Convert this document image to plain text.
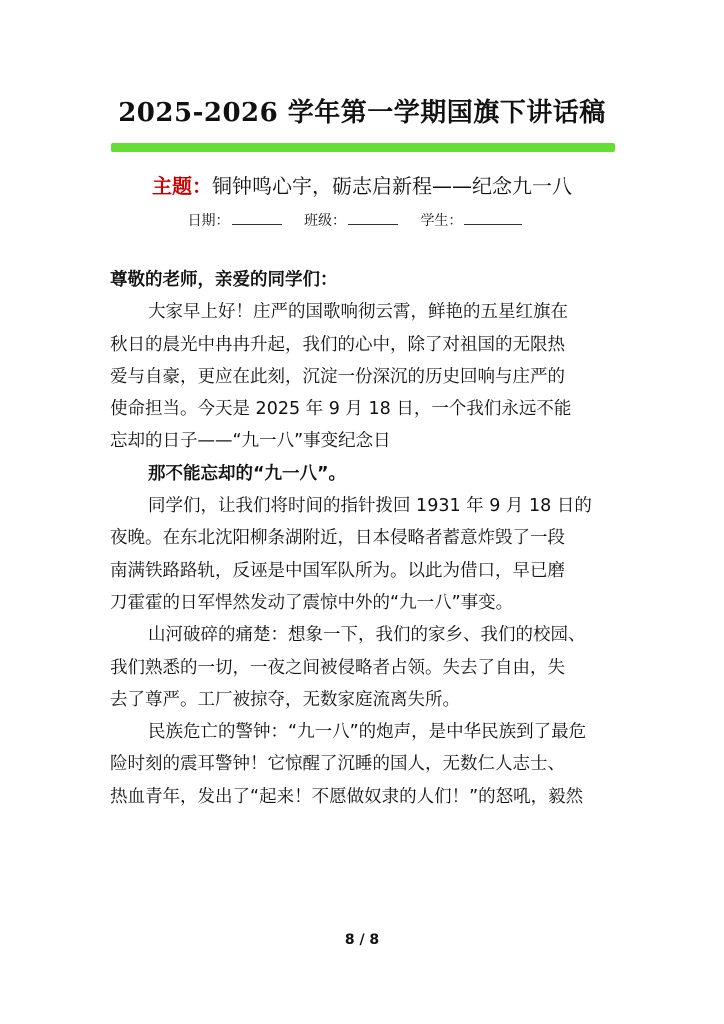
2025-2026 学年第一学期国旗下讲话稿
主题：铜钟鸣心宇，砺志启新程——纪念九一八
日期：	班级：	学生：

尊敬的老师，亲爱的同学们：

大家早上好！庄严的国歌响彻云霄，鲜艳的五星红旗在

秋日的晨光中冉冉升起，我们的心中，除了对祖国的无限热

爱与自豪，更应在此刻，沉淀一份深沉的历史回响与庄严的

使命担当。今天是 2025 年 9 月 18 日，一个我们永远不能

忘却的日子——“九一八”事变纪念日

那不能忘却的“九一八”。

同学们，让我们将时间的指针拨回 1931 年 9 月 18 日的

夜晚。在东北沈阳柳条湖附近，日本侵略者蓄意炸毁了一段

南满铁路路轨，反诬是中国军队所为。以此为借口，早已磨

刀霍霍的日军悍然发动了震惊中外的“九一八”事变。

山河破碎的痛楚：想象一下，我们的家乡、我们的校园、

我们熟悉的一切，一夜之间被侵略者占领。失去了自由，失

去了尊严。工厂被掠夺，无数家庭流离失所。

民族危亡的警钟：“九一八”的炮声，是中华民族到了最危

险时刻的震耳警钟！它惊醒了沉睡的国人，无数仁人志士、

热血青年，发出了“起来！不愿做奴隶的人们！”的怒吼，毅然

8 / 8
